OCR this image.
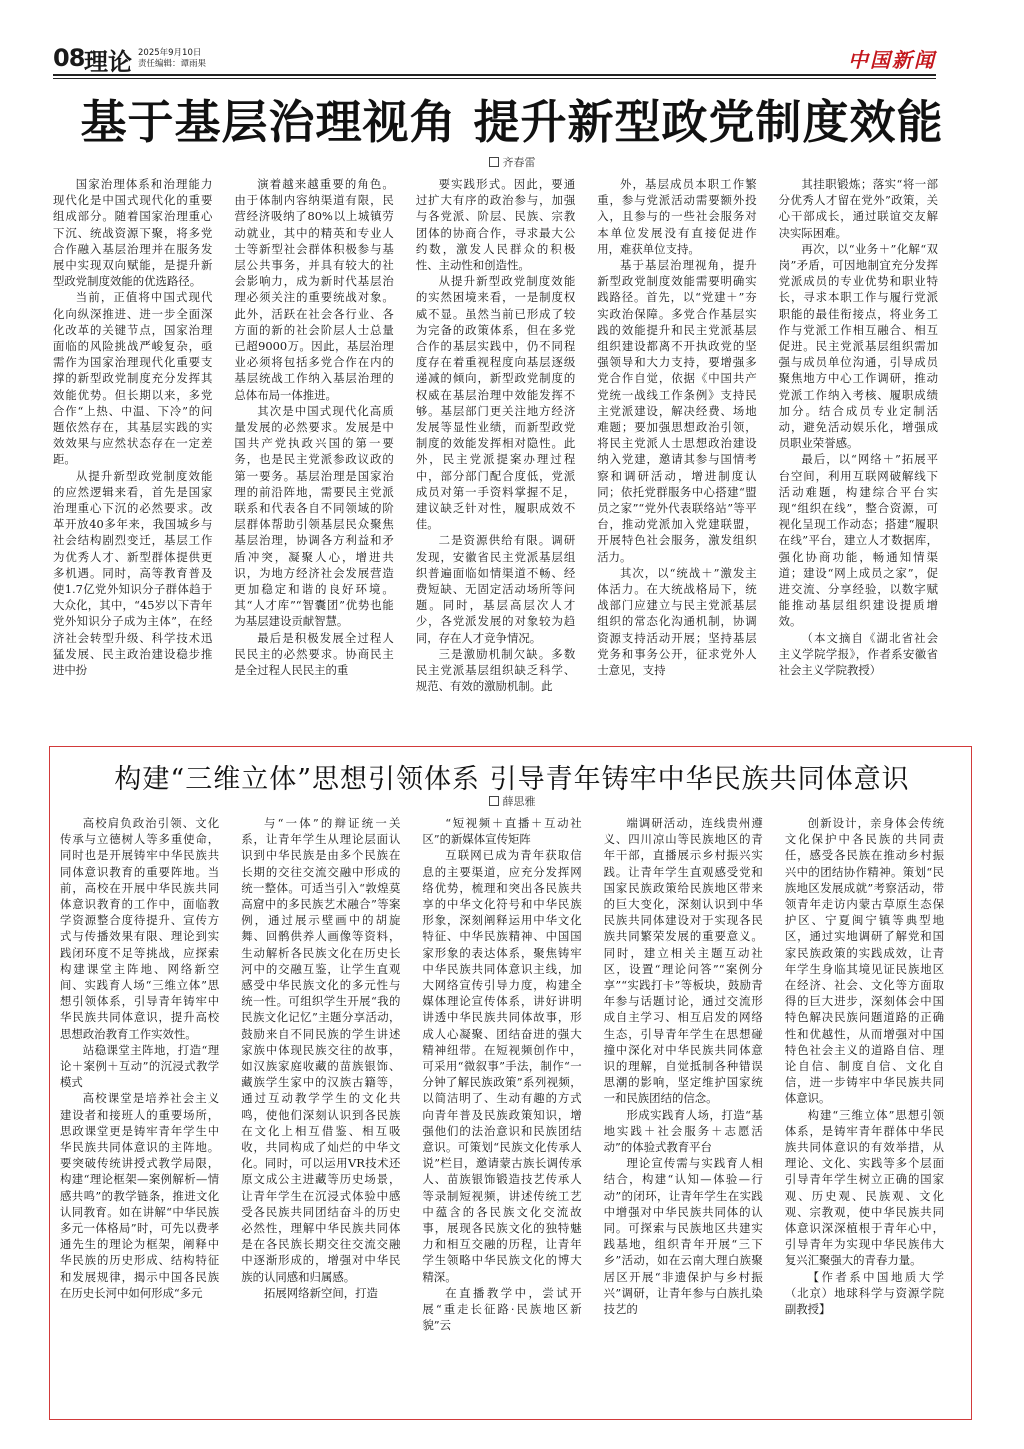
08 理论 2025年9月10日
责任编辑：谭雨果	中国新闻
基于基层治理视角 提升新型政党制度效能
齐春雷

国家治理体系和治理能力现代化是中国式现代化的重要组成部分。随着国家治理重心下沉、统战资源下聚，将多党合作融入基层治理并在服务发展中实现双向赋能，是提升新型政党制度效能的优选路径。

当前，正值将中国式现代化向纵深推进、进一步全面深化改革的关键节点，国家治理面临的风险挑战严峻复杂，亟需作为国家治理现代化重要支撑的新型政党制度充分发挥其效能优势。但长期以来，多党合作“上热、中温、下冷”的问题依然存在，其基层实践的实效效果与应然状态存在一定差距。

从提升新型政党制度效能的应然逻辑来看，首先是国家治理重心下沉的必然要求。改革开放40多年来，我国城乡与社会结构剧烈变迁，基层工作为优秀人才、新型群体提供更多机遇。同时，高等教育普及使1.7亿党外知识分子群体趋于大众化，其中，“45岁以下青年党外知识分子成为主体”，在经济社会转型升级、科学技术迅猛发展、民主政治建设稳步推进中扮

演着越来越重要的角色。由于体制内容纳渠道有限，民营经济吸纳了80%以上城镇劳动就业，其中的精英和专业人士等新型社会群体积极参与基层公共事务，并具有较大的社会影响力，成为新时代基层治理必须关注的重要统战对象。此外，活跃在社会各行业、各方面的新的社会阶层人士总量已超9000万。因此，基层治理业必须将包括多党合作在内的基层统战工作纳入基层治理的总体布局一体推进。

其次是中国式现代化高质量发展的必然要求。发展是中国共产党执政兴国的第一要务，也是民主党派参政议政的第一要务。基层治理是国家治理的前沿阵地，需要民主党派联系和代表各自不同领域的阶层群体帮助引领基层民众聚焦基层治理，协调各方利益和矛盾冲突，凝聚人心，增进共识，为地方经济社会发展营造更加稳定和谐的良好环境。其“人才库”“智囊团”优势也能为基层建设贡献智慧。

最后是积极发展全过程人民民主的必然要求。协商民主是全过程人民民主的重

要实践形式。因此，要通过扩大有序的政治参与，加强与各党派、阶层、民族、宗教团体的协商合作，寻求最大公约数，激发人民群众的积极性、主动性和创造性。

从提升新型政党制度效能的实然困境来看，一是制度权威不显。虽然当前已形成了较为完备的政策体系，但在多党合作的基层实践中，仍不同程度存在着重视程度向基层逐级递减的倾向，新型政党制度的权威在基层治理中效能发挥不够。基层部门更关注地方经济发展等显性业绩，而新型政党制度的效能发挥相对隐性。此外，民主党派提案办理过程中，部分部门配合度低，党派成员对第一手资料掌握不足，建议缺乏针对性，履职成效不佳。

二是资源供给有限。调研发现，安徽省民主党派基层组织普遍面临如情渠道不畅、经费短缺、无固定活动场所等问题。同时，基层高层次人才少，各党派发展的对象较为趋同，存在人才竞争情况。

三是激励机制欠缺。多数民主党派基层组织缺乏科学、规范、有效的激励机制。此

外，基层成员本职工作繁重，参与党派活动需要额外投入，且参与的一些社会服务对本单位发展没有直接促进作用，难获单位支持。

基于基层治理视角，提升新型政党制度效能需要明确实践路径。首先，以“党建＋”夯实政治保障。多党合作基层实践的效能提升和民主党派基层组织建设都离不开执政党的坚强领导和大力支持，要增强多党合作自觉，依据《中国共产党统一战线工作条例》支持民主党派建设，解决经费、场地难题；要加强思想政治引领，将民主党派人士思想政治建设纳入党建，邀请其参与国情考察和调研活动，增进制度认同；依托党群服务中心搭建“盟员之家”“党外代表联络站”等平台，推动党派加入党建联盟，开展特色社会服务，激发组织活力。

其次，以“统战＋”激发主体活力。在大统战格局下，统战部门应建立与民主党派基层组织的常态化沟通机制，协调资源支持活动开展；坚持基层党务和事务公开，征求党外人士意见，支持

其挂职锻炼；落实“将一部分优秀人才留在党外”政策，关心干部成长，通过联谊交友解决实际困难。

再次，以“业务＋”化解“双岗”矛盾，可因地制宜充分发挥党派成员的专业优势和职业特长，寻求本职工作与履行党派职能的最佳衔接点，将业务工作与党派工作相互融合、相互促进。民主党派基层组织需加强与成员单位沟通，引导成员聚焦地方中心工作调研，推动党派工作纳入考核、履职成绩加分。结合成员专业定制活动，避免活动娱乐化，增强成员职业荣誉感。

最后，以“网络＋”拓展平台空间，利用互联网破解线下活动难题，构建综合平台实现“组织在线”，整合资源，可视化呈现工作动态；搭建“履职在线”平台，建立人才数据库，强化协商功能，畅通知情渠道；建设“网上成员之家”，促进交流、分享经验，以数字赋能推动基层组织建设提质增效。

（本文摘自《湖北省社会主义学院学报》，作者系安徽省社会主义学院教授）

构建“三维立体”思想引领体系 引导青年铸牢中华民族共同体意识
薛思雅

高校肩负政治引领、文化传承与立德树人等多重使命，同时也是开展铸牢中华民族共同体意识教育的重要阵地。当前，高校在开展中华民族共同体意识教育的工作中，面临教学资源整合度待提升、宣传方式与传播效果有限、理论到实践闭环度不足等挑战，应探索构建课堂主阵地、网络新空间、实践育人场“三维立体”思想引领体系，引导青年铸牢中华民族共同体意识，提升高校思想政治教育工作实效性。

站稳课堂主阵地，打造“理论＋案例＋互动”的沉浸式教学模式

高校课堂是培养社会主义建设者和接班人的重要场所，思政课堂更是铸牢青年学生中华民族共同体意识的主阵地。要突破传统讲授式教学局限，构建“理论框架—案例解析—情感共鸣”的教学链条，推进文化认同教育。如在讲解“中华民族多元一体格局”时，可先以费孝通先生的理论为框架，阐释中华民族的历史形成、结构特征和发展规律，揭示中国各民族在历史长河中如何形成“多元

与“一体”的辩证统一关系，让青年学生从理论层面认识到中华民族是由多个民族在长期的交往交流交融中形成的统一整体。可适当引入“敦煌莫高窟中的多民族艺术融合”等案例，通过展示壁画中的胡旋舞、回鹘供养人画像等资料，生动解析各民族文化在历史长河中的交融互鉴，让学生直观感受中华民族文化的多元性与统一性。可组织学生开展“我的民族文化记忆”主题分享活动，鼓励来自不同民族的学生讲述家族中体现民族交往的故事，如汉族家庭收藏的苗族银饰、藏族学生家中的汉族古籍等，通过互动教学学生的文化共鸣，使他们深刻认识到各民族在文化上相互借鉴、相互吸收，共同构成了灿烂的中华文化。同时，可以运用VR技术还原文成公主进藏等历史场景，让青年学生在沉浸式体验中感受各民族共同团结奋斗的历史必然性，理解中华民族共同体是在各民族长期交往交流交融中逐渐形成的，增强对中华民族的认同感和归属感。

拓展网络新空间，打造

“短视频＋直播＋互动社区”的新媒体宣传矩阵

互联网已成为青年获取信息的主要渠道，应充分发挥网络优势，梳理和突出各民族共享的中华文化符号和中华民族形象，深刻阐释运用中华文化特征、中华民族精神、中国国家形象的表达体系，聚焦铸牢中华民族共同体意识主线，加大网络宣传引导力度，构建全媒体理论宣传体系，讲好讲明讲透中华民族共同体故事，形成人心凝聚、团结奋进的强大精神纽带。在短视频创作中，可采用“微叙事”手法，制作“一分钟了解民族政策”系列视频，以简洁明了、生动有趣的方式向青年普及民族政策知识，增强他们的法治意识和民族团结意识。可策划“民族文化传承人说”栏目，邀请蒙古族长调传承人、苗族银饰锻造技艺传承人等录制短视频，讲述传统工艺中蕴含的各民族文化交流故事，展现各民族文化的独特魅力和相互交融的历程，让青年学生领略中华民族文化的博大精深。

在直播教学中，尝试开展“重走长征路·民族地区新貌”云

端调研活动，连线贵州遵义、四川凉山等民族地区的青年干部，直播展示乡村振兴实践。让青年学生直观感受党和国家民族政策给民族地区带来的巨大变化，深刻认识到中华民族共同体建设对于实现各民族共同繁荣发展的重要意义。同时，建立相关主题互动社区，设置“理论问答”“案例分享”“实践打卡”等板块，鼓励青年参与话题讨论，通过交流形成自主学习、相互启发的网络生态，引导青年学生在思想碰撞中深化对中华民族共同体意识的理解，自觉抵制各种错误思潮的影响，坚定维护国家统一和民族团结的信念。

形成实践育人场，打造“基地实践＋社会服务＋志愿活动”的体验式教育平台

理论宣传需与实践育人相结合，构建“认知—体验—行动”的闭环，让青年学生在实践中增强对中华民族共同体的认同。可探索与民族地区共建实践基地，组织青年开展“三下乡”活动，如在云南大理白族聚居区开展“非遗保护与乡村振兴”调研，让青年参与白族扎染技艺的

创新设计，亲身体会传统文化保护中各民族的共同责任，感受各民族在推动乡村振兴中的团结协作精神。策划“民族地区发展成就”考察活动，带领青年走访内蒙古草原生态保护区、宁夏闽宁镇等典型地区，通过实地调研了解党和国家民族政策的实践成效，让青年学生身临其境见证民族地区在经济、社会、文化等方面取得的巨大进步，深刻体会中国特色解决民族问题道路的正确性和优越性，从而增强对中国特色社会主义的道路自信、理论自信、制度自信、文化自信，进一步铸牢中华民族共同体意识。

构建“三维立体”思想引领体系，是铸牢青年群体中华民族共同体意识的有效举措，从理论、文化、实践等多个层面引导青年学生树立正确的国家观、历史观、民族观、文化观、宗教观，使中华民族共同体意识深深植根于青年心中，引导青年为实现中华民族伟大复兴汇聚强大的青春力量。

【作者系中国地质大学（北京）地球科学与资源学院副教授】
